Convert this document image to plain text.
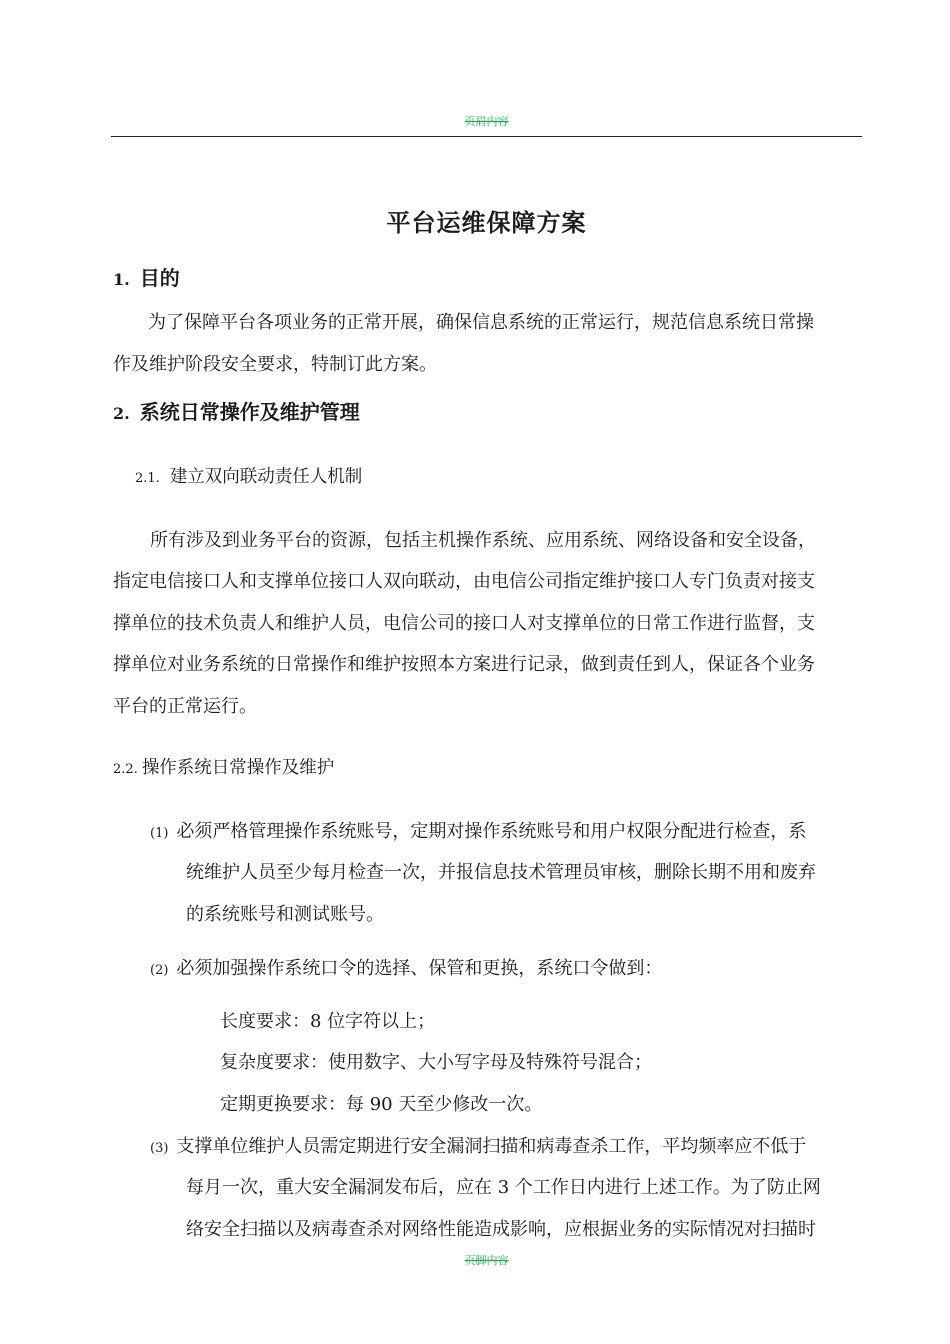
页眉内容
平台运维保障方案
1. 目的
为了保障平台各项业务的正常开展，确保信息系统的正常运行，规范信息系统日常操
作及维护阶段安全要求，特制订此方案。
2. 系统日常操作及维护管理
2.1. 建立双向联动责任人机制
所有涉及到业务平台的资源，包括主机操作系统、应用系统、网络设备和安全设备，
指定电信接口人和支撑单位接口人双向联动，由电信公司指定维护接口人专门负责对接支
撑单位的技术负责人和维护人员，电信公司的接口人对支撑单位的日常工作进行监督，支
撑单位对业务系统的日常操作和维护按照本方案进行记录，做到责任到人，保证各个业务
平台的正常运行。
2.2. 操作系统日常操作及维护
(1) 必须严格管理操作系统账号，定期对操作系统账号和用户权限分配进行检查，系
统维护人员至少每月检查一次，并报信息技术管理员审核，删除长期不用和废弃
的系统账号和测试账号。
(2) 必须加强操作系统口令的选择、保管和更换，系统口令做到：
长度要求：8 位字符以上；
复杂度要求：使用数字、大小写字母及特殊符号混合；
定期更换要求：每 90 天至少修改一次。
(3) 支撑单位维护人员需定期进行安全漏洞扫描和病毒查杀工作，平均频率应不低于
每月一次，重大安全漏洞发布后，应在 3 个工作日内进行上述工作。为了防止网
络安全扫描以及病毒查杀对网络性能造成影响，应根据业务的实际情况对扫描时
页脚内容
